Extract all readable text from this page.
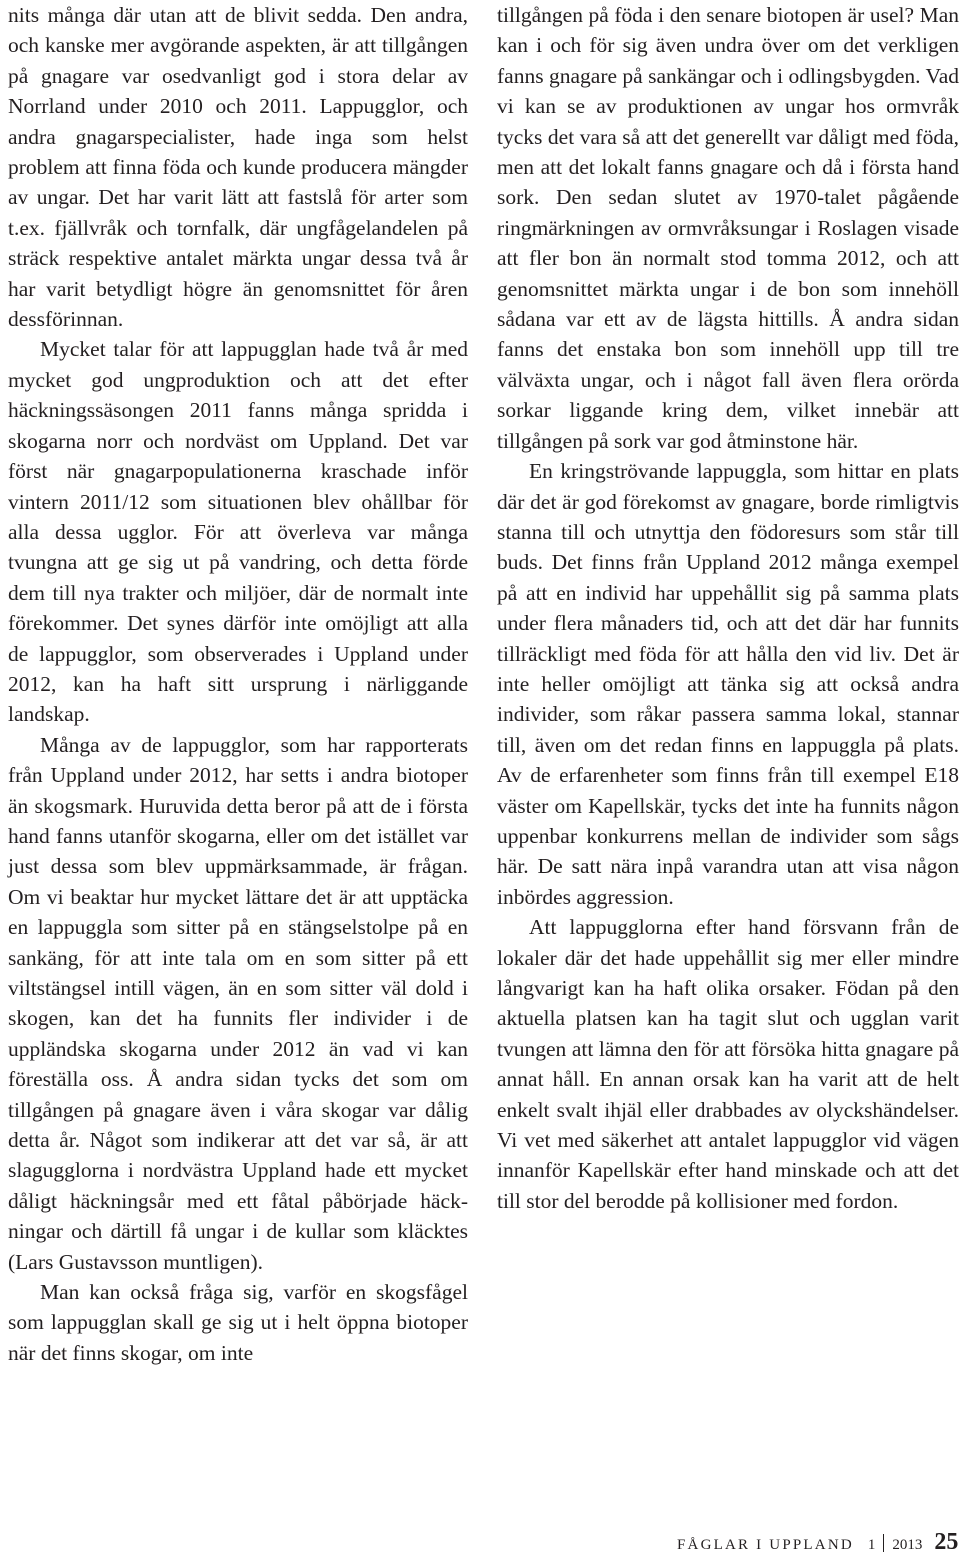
nits många där utan att de blivit sedda. Den andra, och kanske mer avgörande aspekten, är att tillgången på gnagare var osedvanligt god i stora delar av Norrland under 2010 och 2011. Lappugglor, och andra gnagarspecialister, hade inga som helst problem att finna föda och kunde producera mängder av ungar. Det har varit lätt att fastslå för arter som t.ex. fjällvråk och tornfalk, där ungfågelandelen på sträck respektive antalet märkta ungar dessa två år har varit betydligt högre än genomsnittet för åren dessförinnan.

Mycket talar för att lappugglan hade två år med mycket god ungproduktion och att det efter häckningssäsongen 2011 fanns många spridda i skogarna norr och nordväst om Uppland. Det var först när gnagarpopulationerna kraschade inför vintern 2011/12 som situationen blev ohållbar för alla dessa ugglor. För att överleva var många tvungna att ge sig ut på vandring, och detta förde dem till nya trakter och miljöer, där de normalt inte förekommer. Det synes därför inte omöjligt att alla de lappugglor, som observerades i Uppland under 2012, kan ha haft sitt ursprung i närliggande landskap.

Många av de lappugglor, som har rapporterats från Uppland under 2012, har setts i andra biotoper än skogsmark. Huruvida detta beror på att de i första hand fanns utanför skogarna, eller om det istället var just dessa som blev uppmärksammade, är frågan. Om vi beaktar hur mycket lättare det är att upptäcka en lappuggla som sitter på en stängselstolpe på en sankäng, för att inte tala om en som sitter på ett viltstängsel intill vägen, än en som sitter väl dold i skogen, kan det ha funnits fler individer i de uppländska skogarna under 2012 än vad vi kan föreställa oss. Å andra sidan tycks det som om tillgången på gnagare även i våra skogar var dålig detta år. Något som indikerar att det var så, är att slagugglorna i nordvästra Uppland hade ett mycket dåligt häckningsår med ett fåtal påbörjade häckningar och därtill få ungar i de kullar som kläcktes (Lars Gustavsson muntligen).

Man kan också fråga sig, varför en skogsfågel som lappugglan skall ge sig ut i helt öppna biotoper när det finns skogar, om inte

tillgången på föda i den senare biotopen är usel? Man kan i och för sig även undra över om det verkligen fanns gnagare på sankängar och i odlingsbygden. Vad vi kan se av produktionen av ungar hos ormvråk tycks det vara så att det generellt var dåligt med föda, men att det lokalt fanns gnagare och då i första hand sork. Den sedan slutet av 1970-talet pågående ringmärkningen av ormvråksungar i Roslagen visade att fler bon än normalt stod tomma 2012, och att genomsnittet märkta ungar i de bon som innehöll sådana var ett av de lägsta hittills. Å andra sidan fanns det enstaka bon som innehöll upp till tre välväxta ungar, och i något fall även flera orörda sorkar liggande kring dem, vilket innebär att tillgången på sork var god åtminstone här.

En kringströvande lappuggla, som hittar en plats där det är god förekomst av gnagare, borde rimligtvis stanna till och utnyttja den födoresurs som står till buds. Det finns från Uppland 2012 många exempel på att en individ har uppehållit sig på samma plats under flera månaders tid, och att det där har funnits tillräckligt med föda för att hålla den vid liv. Det är inte heller omöjligt att tänka sig att också andra individer, som råkar passera samma lokal, stannar till, även om det redan finns en lappuggla på plats. Av de erfarenheter som finns från till exempel E18 väster om Kapellskär, tycks det inte ha funnits någon uppenbar konkurrens mellan de individer som sågs här. De satt nära inpå varandra utan att visa någon inbördes aggression.

Att lappugglorna efter hand försvann från de lokaler där det hade uppehållit sig mer eller mindre långvarigt kan ha haft olika orsaker. Födan på den aktuella platsen kan ha tagit slut och ugglan varit tvungen att lämna den för att försöka hitta gnagare på annat håll. En annan orsak kan ha varit att de helt enkelt svalt ihjäl eller drabbades av olyckshändelser. Vi vet med säkerhet att antalet lappugglor vid vägen innanför Kapellskär efter hand minskade och att det till stor del berodde på kollisioner med fordon.

FÅGLAR I UPPLAND 1 2013 25
